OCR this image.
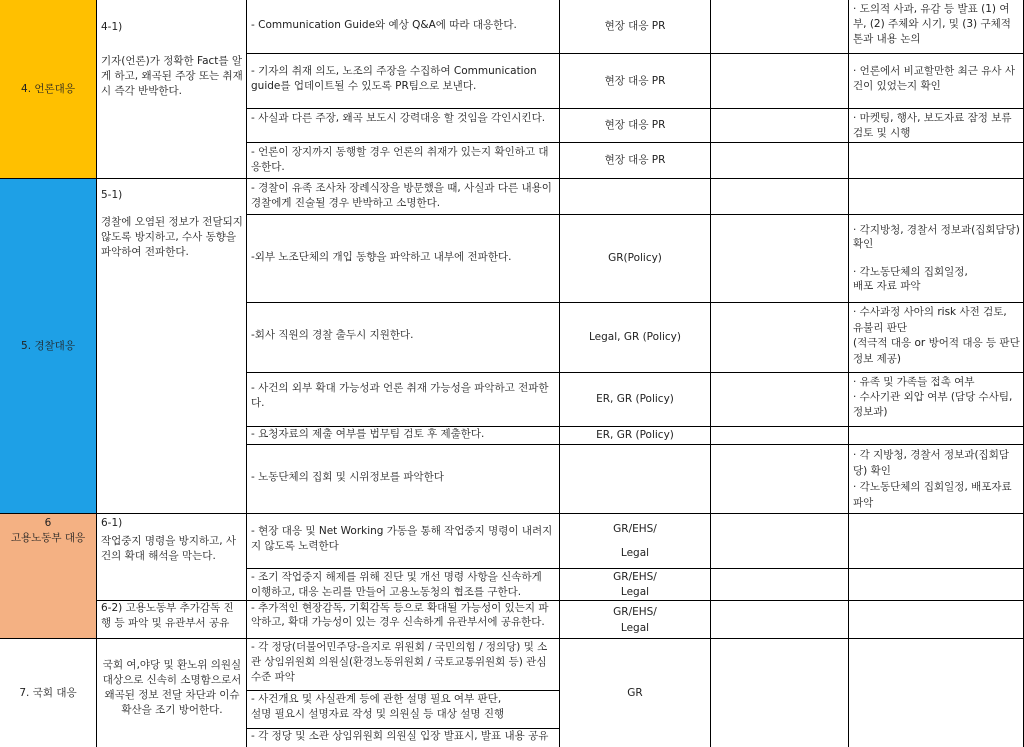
4. 언론대응
4-1)
기자(언론)가 정확한 Fact를 알게 하고, 왜곡된 주장 또는 취재시 즉각 반박한다.
- Communication Guide와 예상 Q&A에 따라 대응한다.
- 기자의 취재 의도, 노조의 주장을 수집하여 Communication guide를 업데이트될 수 있도록 PR팀으로 보낸다.
- 사실과 다른 주장, 왜곡 보도시 강력대응 할 것임을 각인시킨다.
- 언론이 장지까지 동행할 경우 언론의 취재가 있는지 확인하고 대응한다.
현장 대응 PR
현장 대응 PR
현장 대응 PR
현장 대응 PR
· 도의적 사과, 유감 등 발표 (1) 여부, (2) 주체와 시기, 및 (3) 구체적 톤과 내용 논의
· 언론에서 비교할만한 최근 유사 사건이 있었는지 확인
· 마켓팅, 행사, 보도자료 잠정 보류 검토 및 시행
5. 경찰대응
5-1)
경찰에 오염된 정보가 전달되지 않도록 방지하고, 수사 동향을 파악하여 전파한다.
- 경찰이 유족 조사차 장례식장을 방문했을 때, 사실과 다른 내용이 경찰에게 진술될 경우 반박하고 소명한다.
-외부 노조단체의 개입 동향을 파악하고 내부에 전파한다.
-회사 직원의 경찰 출두시 지원한다.
- 사건의 외부 확대 가능성과 언론 취재 가능성을 파악하고 전파한다.
- 요청자료의 제출 여부를 법무팀 검토 후 제출한다.
- 노동단체의 집회 및 시위정보를 파악한다
GR(Policy)
Legal, GR (Policy)
ER, GR (Policy)
ER, GR (Policy)
· 각지방청, 경찰서 정보과(집회담당) 확인

· 각노동단체의 집회일정,
배포 자료 파악
· 수사과정 사아의 risk 사전 검토, 유불리 판단
(적극적 대응 or 방어적 대응 등 판단 정보 제공)
· 유족 및 가족들 접촉 여부
· 수사기관 외압 여부 (담당 수사팀, 정보과)
· 각 지방청, 경찰서 정보과(집회담당) 확인
· 각노동단체의 집회일정, 배포자료 파악
6
고용노동부 대응
6-1)
작업중지 명령을 방지하고, 사건의 확대 해석을 막는다.
6-2) 고용노동부 추가감독 진행 등 파악 및 유관부서 공유
- 현장 대응 및 Net Working 가동을 통해 작업중지 명령이 내려지지 않도록 노력한다
- 조기 작업중지 해제를 위해 진단 및 개선 명령 사항을 신속하게 이행하고, 대응 논리를 만들어 고용노동청의 협조를 구한다.
- 추가적인 현장감독, 기획감독 등으로 확대될 가능성이 있는지 파악하고, 확대 가능성이 있는 경우 신속하게 유관부서에 공유한다.
GR/EHS/

Legal
GR/EHS/
Legal
GR/EHS/
Legal
7. 국회 대응
국회 여,야당 및 환노위 의원실 대상으로 신속히 소명함으로서 왜곡된 정보 전달 차단과 이슈 확산을 조기 방어한다.
- 각 정당(더불어민주당-을지로 위원회 / 국민의힘 / 정의당) 및 소관 상임위원회 의원실(환경노동위원회 / 국토교통위원회 등) 관심 수준 파악
- 사건개요 및 사실관계 등에 관한 설명 필요 여부 판단,
설명 필요시 설명자료 작성 및 의원실 등 대상 설명 진행
- 각 정당 및 소관 상임위원회 의원실 입장 발표시, 발표 내용 공유
GR
